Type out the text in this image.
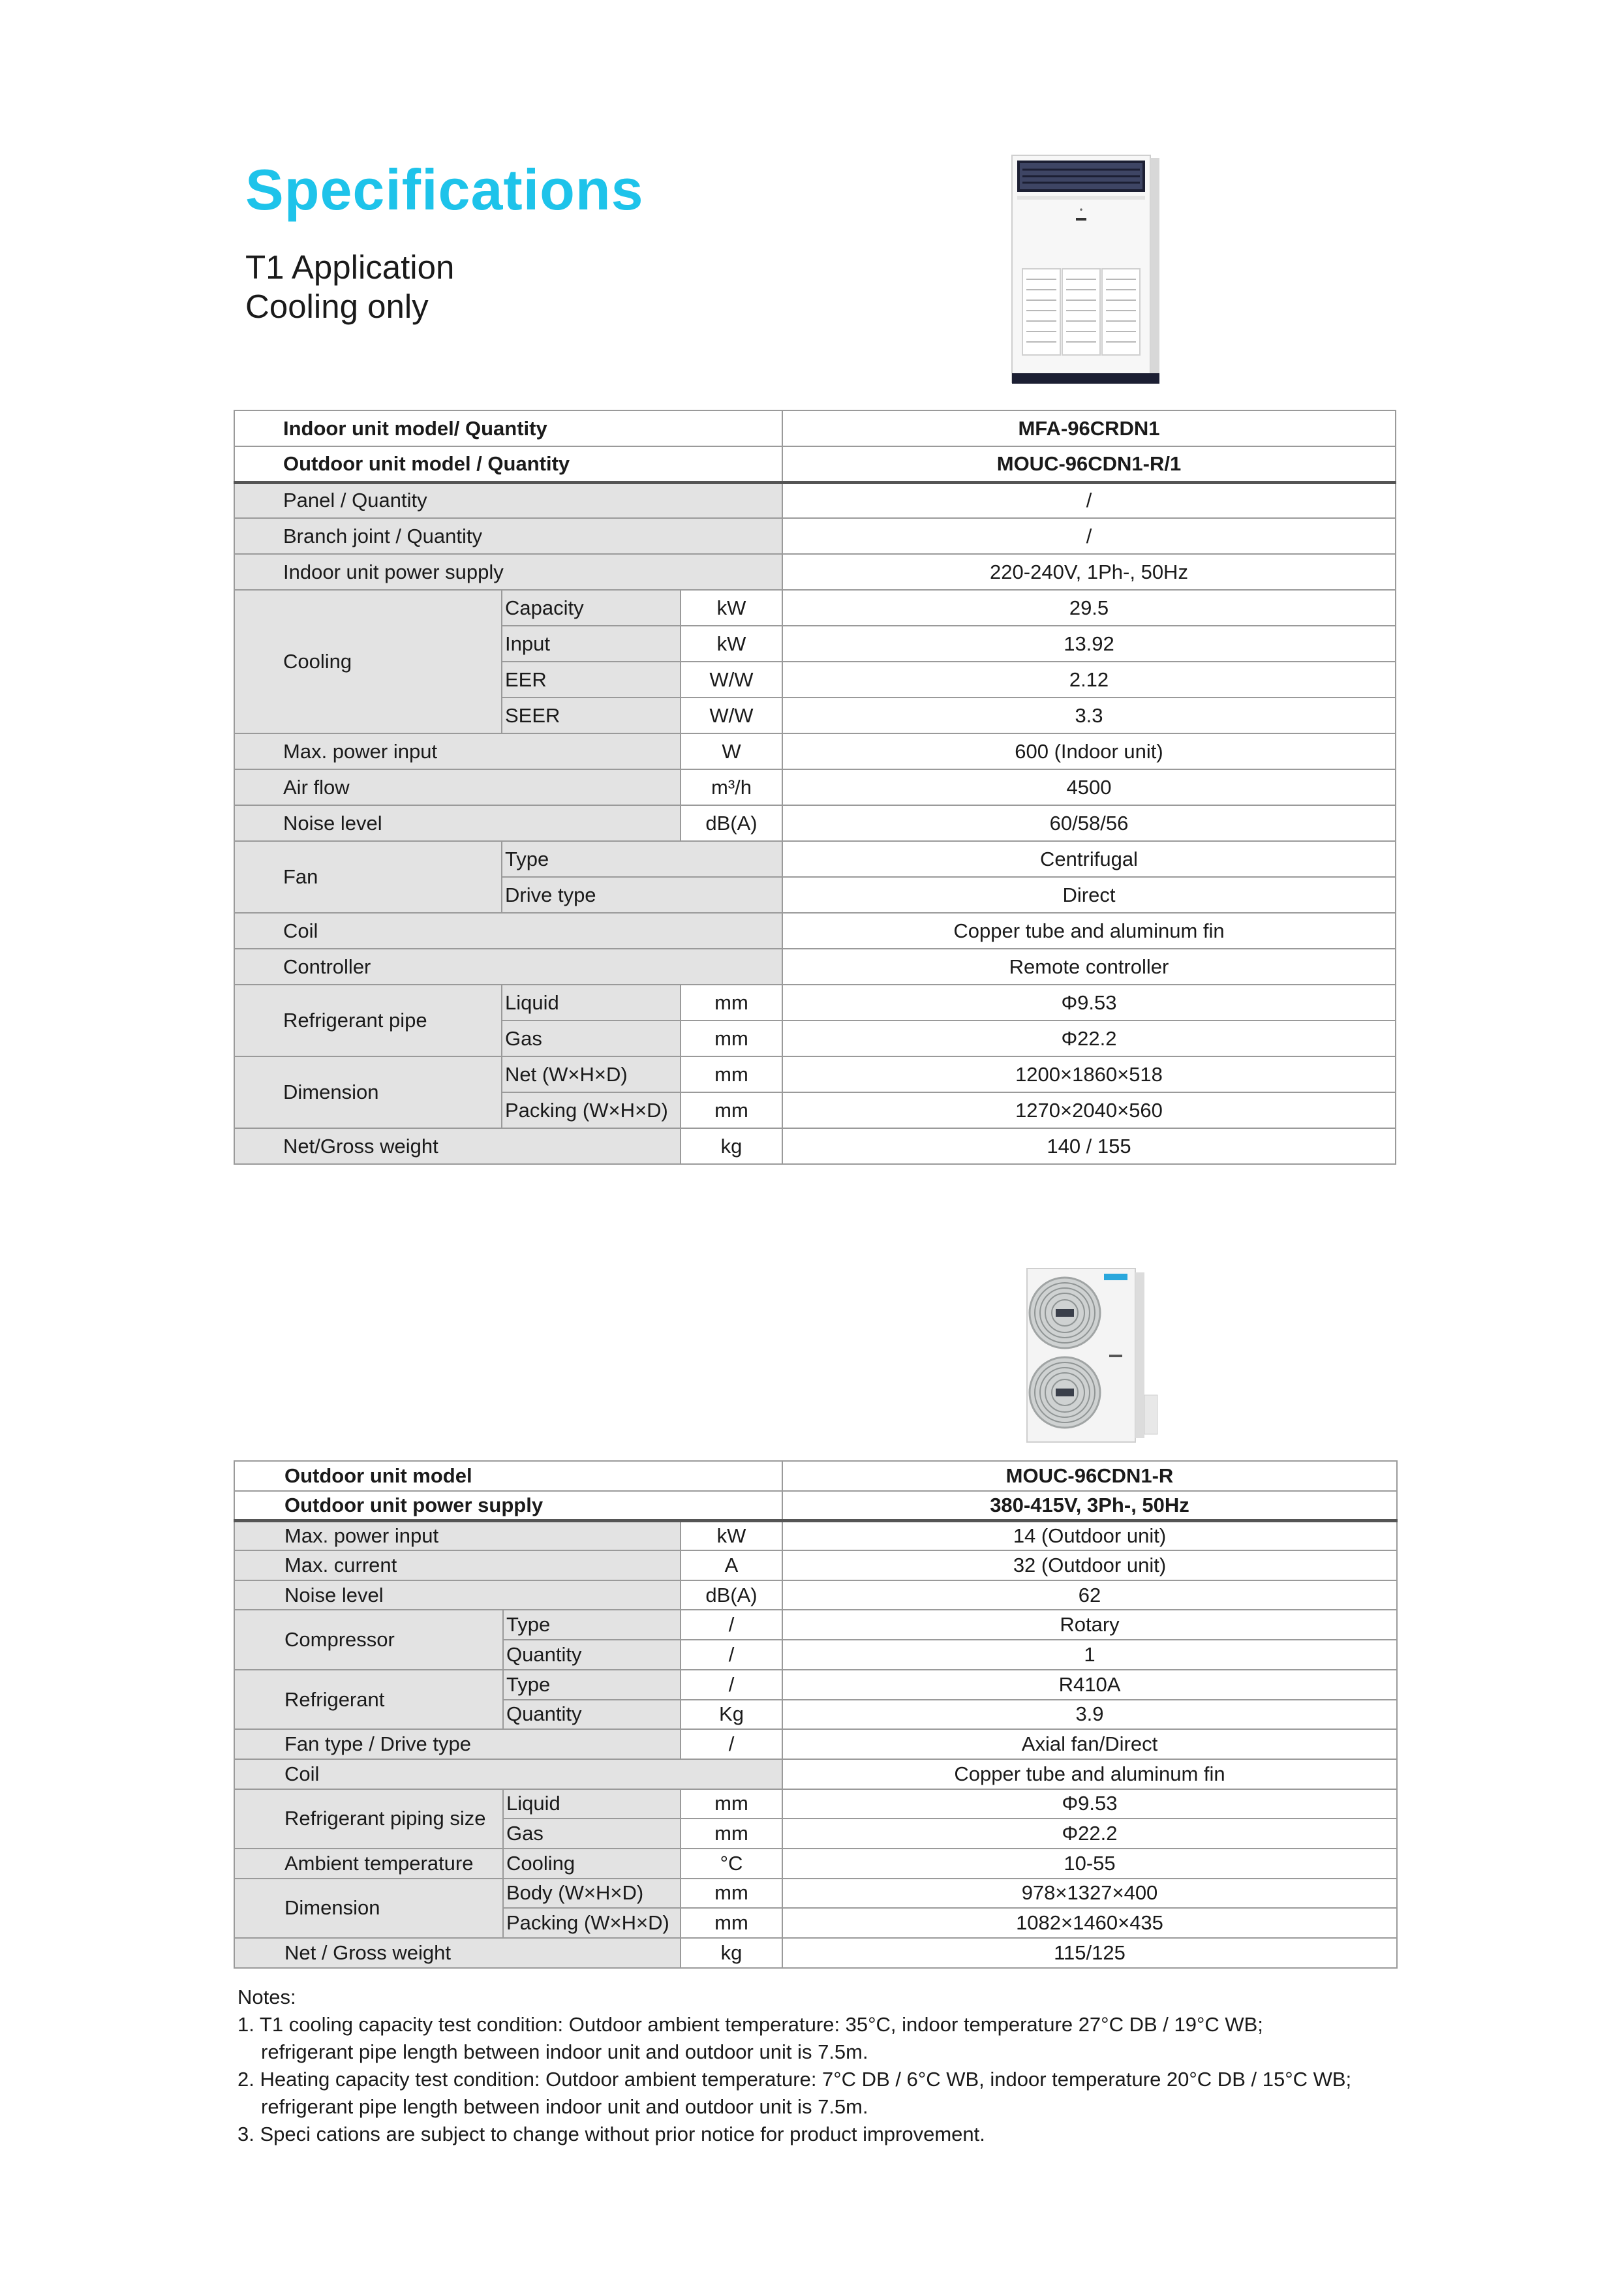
Specifications
T1 Application
Cooling only
•
Indoor unit model/ Quantity			MFA-96CRDN1
Outdoor unit model / Quantity			MOUC-96CDN1-R/1
Panel / Quantity			/
Branch joint / Quantity			/
Indoor unit power supply			220-240V, 1Ph-, 50Hz
Cooling	Capacity	kW	29.5
	Input	kW	13.92
	EER	W/W	2.12
	SEER	W/W	3.3
Max. power input		W	600 (Indoor unit)
Air flow		m³/h	4500
Noise level		dB(A)	60/58/56
Fan	Type		Centrifugal
	Drive type		Direct
Coil			Copper tube and aluminum fin
Controller			Remote controller
Refrigerant pipe	Liquid	mm	Φ9.53
	Gas	mm	Φ22.2
Dimension	Net (W×H×D)	mm	1200×1860×518
	Packing (W×H×D)	mm	1270×2040×560
Net/Gross weight		kg	140 / 155
Outdoor unit model			MOUC-96CDN1-R
Outdoor unit power supply			380-415V, 3Ph-, 50Hz
Max. power input		kW	14 (Outdoor unit)
Max. current		A	32 (Outdoor unit)
Noise level		dB(A)	62
Compressor	Type	/	Rotary
	Quantity	/	1
Refrigerant	Type	/	R410A
	Quantity	Kg	3.9
Fan type / Drive type		/	Axial fan/Direct
Coil			Copper tube and aluminum fin
Refrigerant piping size	Liquid	mm	Φ9.53
	Gas	mm	Φ22.2
Ambient temperature	Cooling	°C	10-55
Dimension	Body (W×H×D)	mm	978×1327×400
	Packing (W×H×D)	mm	1082×1460×435
Net / Gross weight		kg	115/125
Notes:
1. T1 cooling capacity test condition: Outdoor ambient temperature: 35°C, indoor temperature 27°C DB / 19°C WB;
refrigerant pipe length between indoor unit and outdoor unit is 7.5m.
2. Heating capacity test condition: Outdoor ambient temperature: 7°C DB / 6°C WB, indoor temperature 20°C DB / 15°C WB;
refrigerant pipe length between indoor unit and outdoor unit is 7.5m.
3. Speci cations are subject to change without prior notice for product improvement.
